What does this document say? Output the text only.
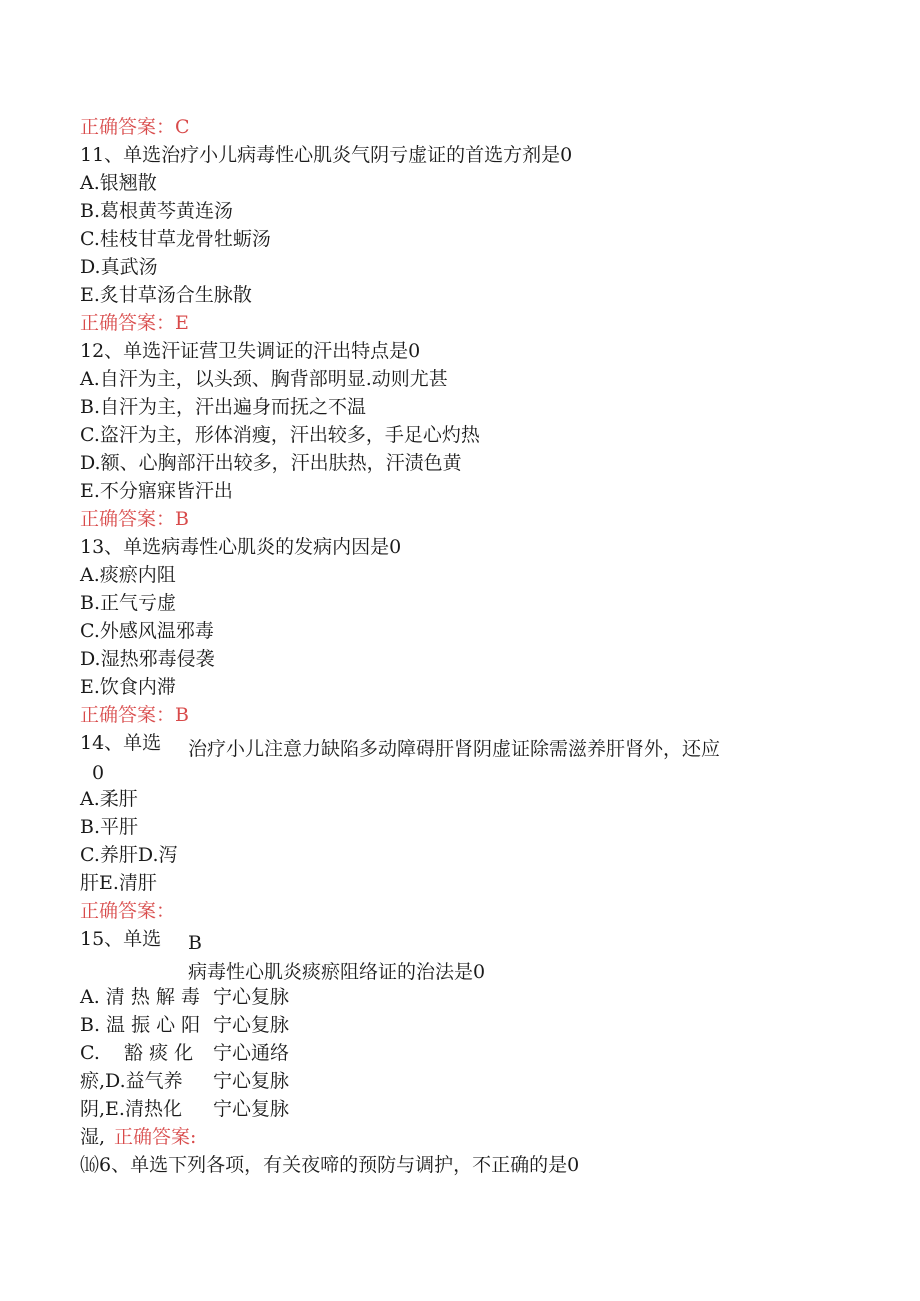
正确答案：C
11、单选治疗小儿病毒性心肌炎气阴亏虚证的首选方剂是0
A.银翘散
B.葛根黄芩黄连汤
C.桂枝甘草龙骨牡蛎汤
D.真武汤
E.炙甘草汤合生脉散
正确答案：E
12、单选汗证营卫失调证的汗出特点是0
A.自汗为主，以头颈、胸背部明显.动则尤甚
B.自汗为主，汗出遍身而抚之不温
C.盗汗为主，形体消瘦，汗出较多，手足心灼热
D.额、心胸部汗出较多，汗出肤热，汗渍色黄
E.不分寤寐皆汗出
正确答案：B
13、单选病毒性心肌炎的发病内因是0
A.痰瘀内阻
B.正气亏虚
C.外感风温邪毒
D.湿热邪毒侵袭
E.饮食内滞
正确答案：B
14、单选 治疗小儿注意力缺陷多动障碍肝肾阴虚证除需滋养肝肾外，还应
0
A.柔肝
B.平肝
C.养肝D.泻
肝E.清肝
正确答案：
15、单选 B
病毒性心肌炎痰瘀阻络证的治法是0
A. 清 热 解 毒 宁心复脉
B. 温 振 心 阳 宁心复脉
C.    豁 痰 化 宁心通络
瘀,D.益气养 宁心复脉
阴,E.清热化 宁心复脉
湿, 正确答案:
⒃6、单选下列各项，有关夜啼的预防与调护，不正确的是0
